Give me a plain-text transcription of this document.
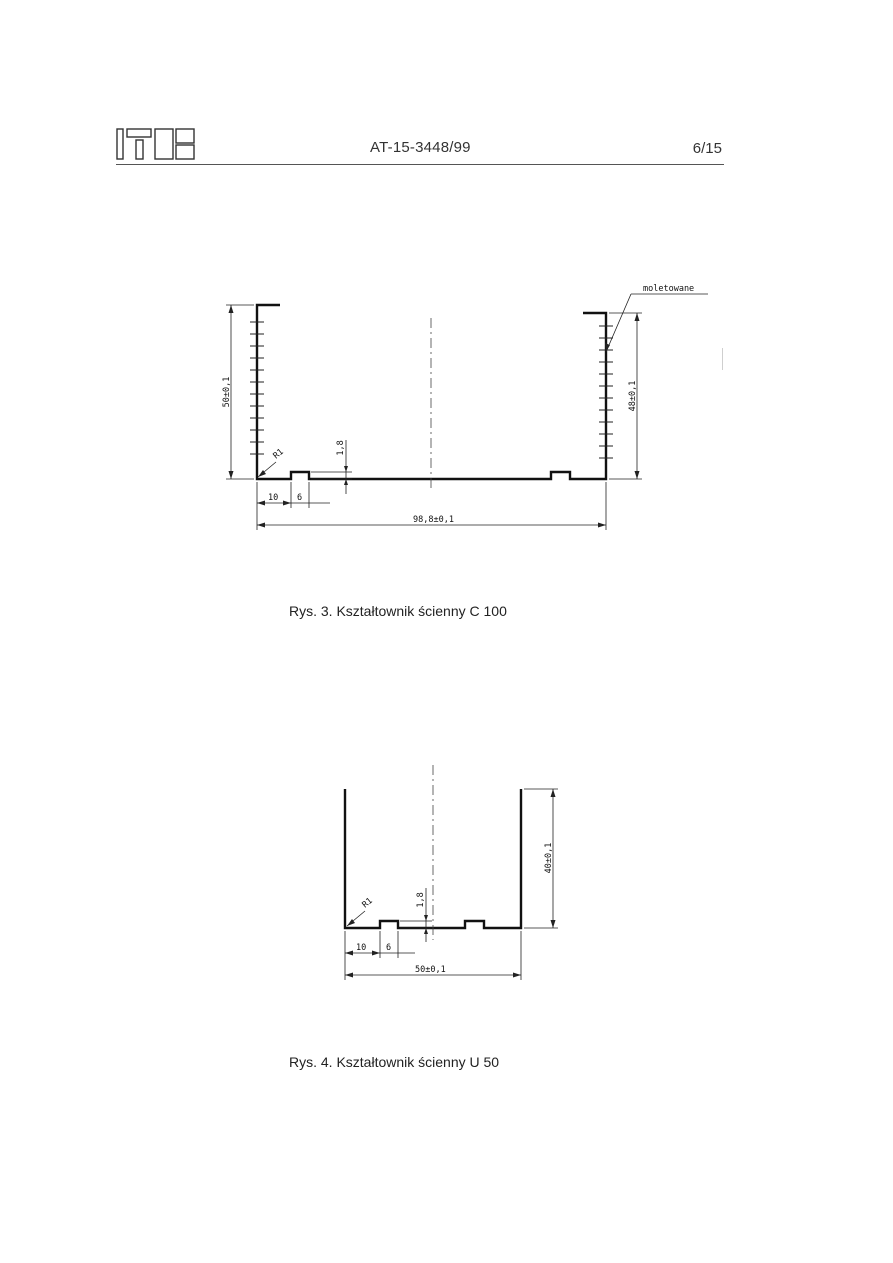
AT-15-3448/99	6/15
50±0,1	48±0,1
moletowane
1,8
R1
10 6
98,8±0,1
Rys. 3. Kształtownik ścienny C 100
40±0,1
1,8
R1
10 6
50±0,1
Rys. 4. Kształtownik ścienny U 50
